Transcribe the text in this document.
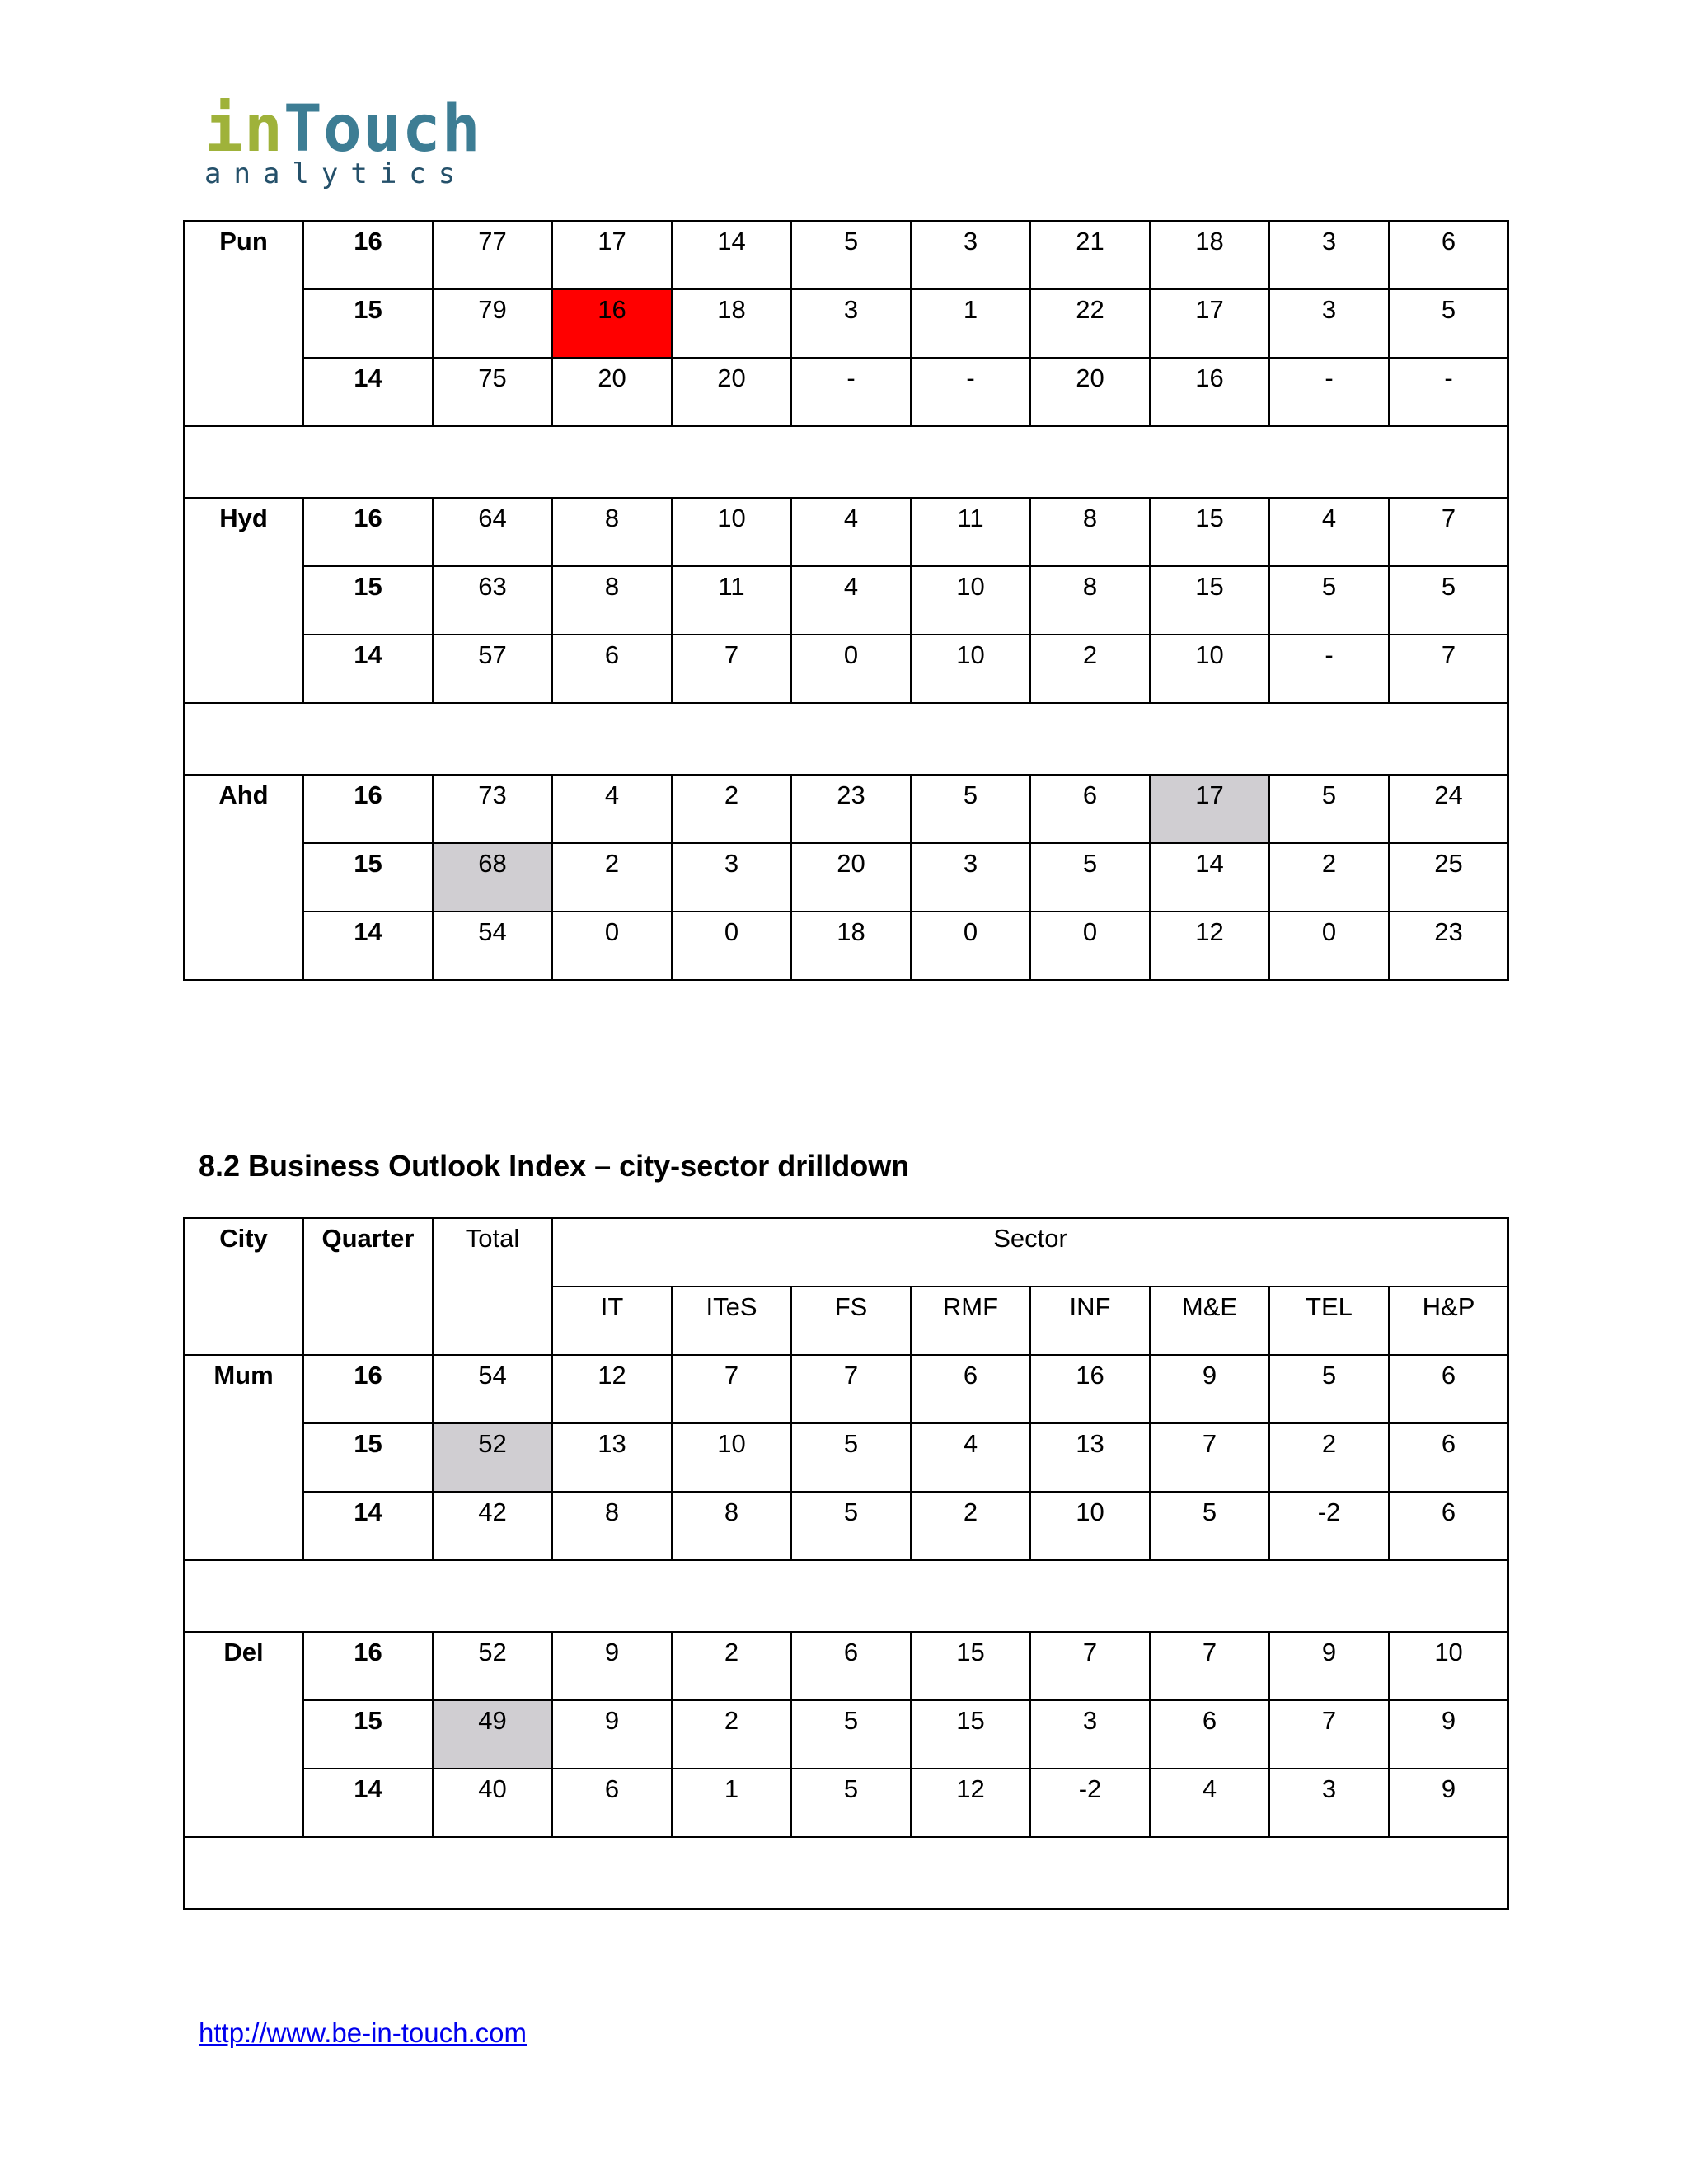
inTouch
analytics
Pun	16	77	17	14	5	3	21	18	3	6
	15	79	16	18	3	1	22	17	3	5
	14	75	20	20	-	-	20	16	-	-

Hyd	16	64	8	10	4	11	8	15	4	7
	15	63	8	11	4	10	8	15	5	5
	14	57	6	7	0	10	2	10	-	7

Ahd	16	73	4	2	23	5	6	17	5	24
	15	68	2	3	20	3	5	14	2	25
	14	54	0	0	18	0	0	12	0	23
8.2 Business Outlook Index – city-sector drilldown
City	Quarter	Total	Sector							
			IT	ITeS	FS	RMF	INF	M&E	TEL	H&P
Mum	16	54	12	7	7	6	16	9	5	6
	15	52	13	10	5	4	13	7	2	6
	14	42	8	8	5	2	10	5	-2	6

Del	16	52	9	2	6	15	7	7	9	10
	15	49	9	2	5	15	3	6	7	9
	14	40	6	1	5	12	-2	4	3	9

http://www.be-in-touch.com
